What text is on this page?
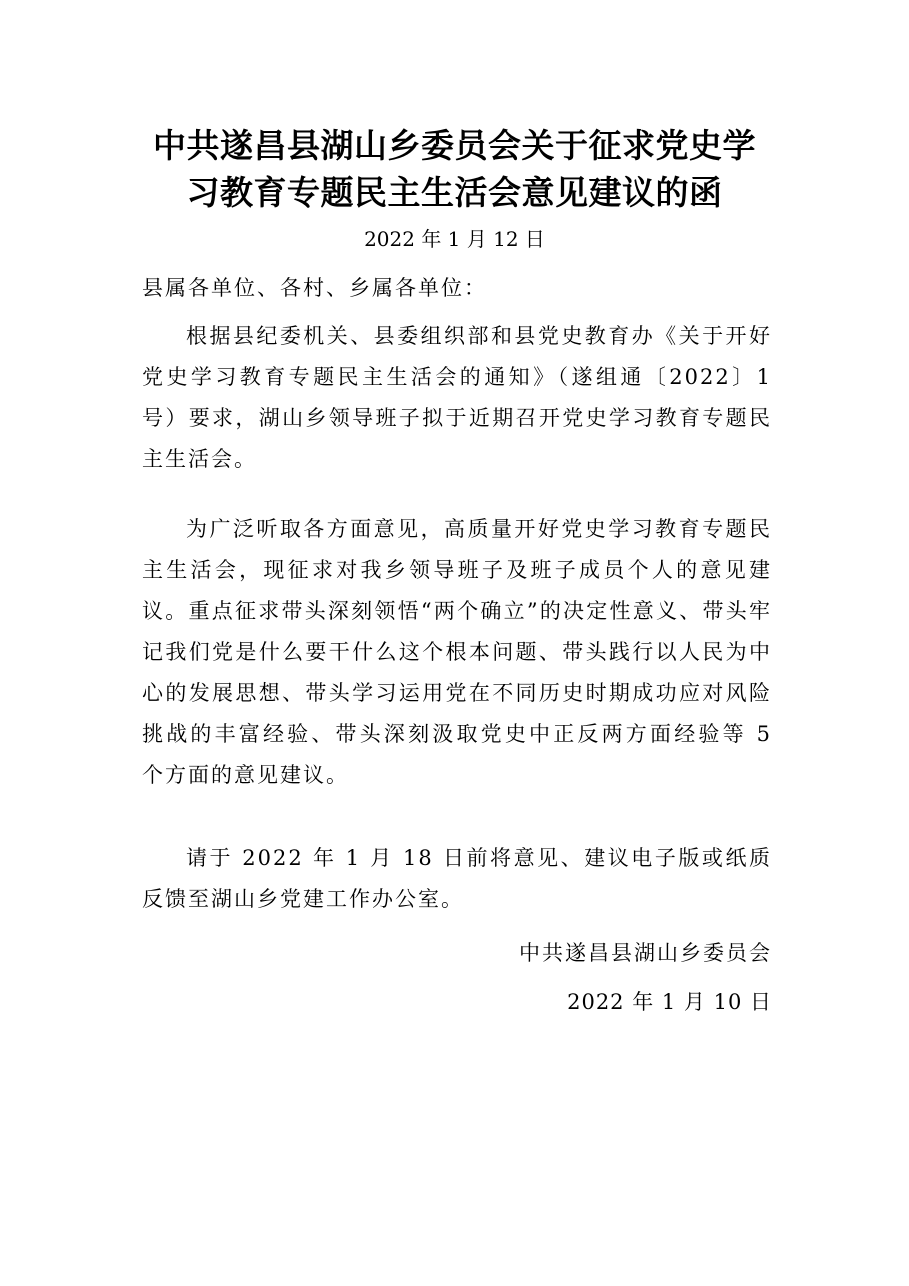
中共遂昌县湖山乡委员会关于征求党史学
习教育专题民主生活会意见建议的函
2022 年 1 月 12 日
县属各单位、各村、乡属各单位：
根据县纪委机关、县委组织部和县党史教育办《关于开好党史学习教育专题民主生活会的通知》（遂组通〔2022〕1 号）要求，湖山乡领导班子拟于近期召开党史学习教育专题民主生活会。
为广泛听取各方面意见，高质量开好党史学习教育专题民主生活会，现征求对我乡领导班子及班子成员个人的意见建议。重点征求带头深刻领悟“两个确立”的决定性意义、带头牢记我们党是什么要干什么这个根本问题、带头践行以人民为中心的发展思想、带头学习运用党在不同历史时期成功应对风险挑战的丰富经验、带头深刻汲取党史中正反两方面经验等 5 个方面的意见建议。
请于 2022 年 1 月 18 日前将意见、建议电子版或纸质反馈至湖山乡党建工作办公室。
中共遂昌县湖山乡委员会
2022 年 1 月 10 日
